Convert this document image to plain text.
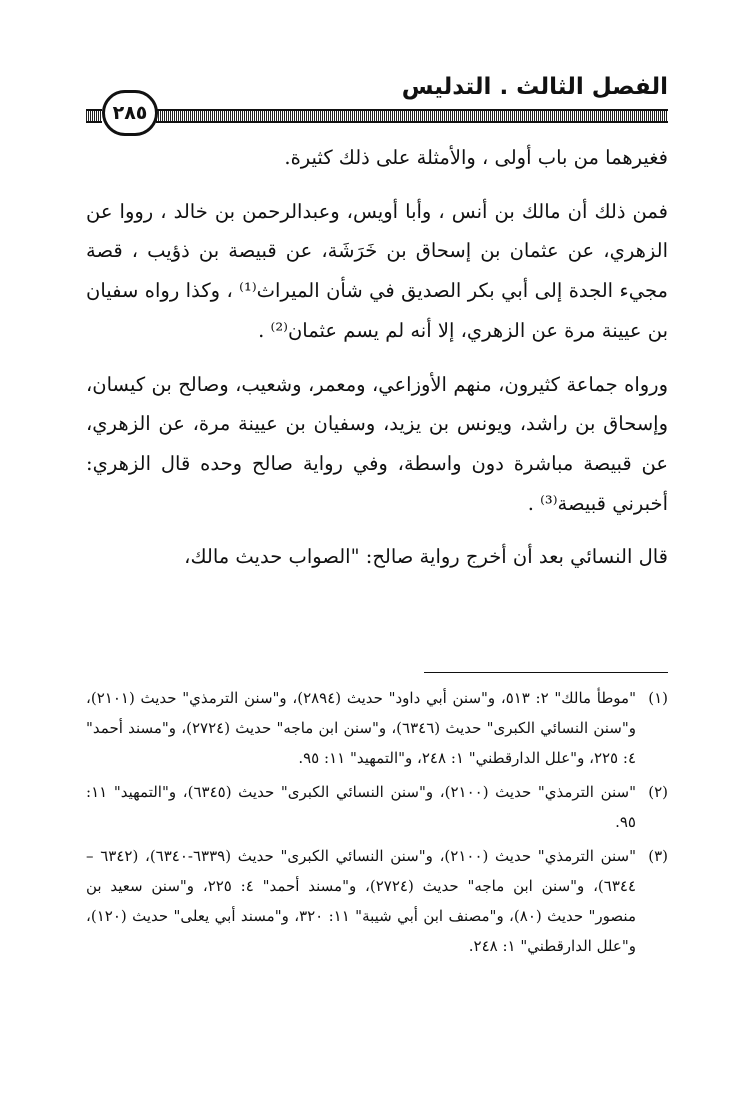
الفصل الثالث . التدليس
٢٨٥

فغيرهما من باب أولى ، والأمثلة على ذلك كثيرة.

فمن ذلك أن مالك بن أنس ، وأبا أويس، وعبدالرحمن بن خالد ، رووا عن الزهري، عن عثمان بن إسحاق بن خَرَشَة، عن قبيصة بن ذؤيب ، قصة مجيء الجدة إلى أبي بكر الصديق في شأن الميراث⁽¹⁾ ، وكذا رواه سفيان بن عيينة مرة عن الزهري، إلا أنه لم يسم عثمان⁽²⁾ .

ورواه جماعة كثيرون، منهم الأوزاعي، ومعمر، وشعيب، وصالح بن كيسان، وإسحاق بن راشد، ويونس بن يزيد، وسفيان بن عيينة مرة، عن الزهري، عن قبيصة مباشرة دون واسطة، وفي رواية صالح وحده قال الزهري: أخبرني قبيصة⁽³⁾ .

قال النسائي بعد أن أخرج رواية صالح: "الصواب حديث مالك،

(١)
"موطأ مالك" ٢: ٥١٣، و"سنن أبي داود" حديث (٢٨٩٤)، و"سنن الترمذي" حديث (٢١٠١)، و"سنن النسائي الكبرى" حديث (٦٣٤٦)، و"سنن ابن ماجه" حديث (٢٧٢٤)، و"مسند أحمد" ٤: ٢٢٥، و"علل الدارقطني" ١: ٢٤٨، و"التمهيد" ١١: ٩٥.
(٢)
"سنن الترمذي" حديث (٢١٠٠)، و"سنن النسائي الكبرى" حديث (٦٣٤٥)، و"التمهيد" ١١: ٩٥.
(٣)
"سنن الترمذي" حديث (٢١٠٠)، و"سنن النسائي الكبرى" حديث (٦٣٣٩-٦٣٤٠)، (٦٣٤٢ – ٦٣٤٤)، و"سنن ابن ماجه" حديث (٢٧٢٤)، و"مسند أحمد" ٤: ٢٢٥، و"سنن سعيد بن منصور" حديث (٨٠)، و"مصنف ابن أبي شيبة" ١١: ٣٢٠، و"مسند أبي يعلى" حديث (١٢٠)، و"علل الدارقطني" ١: ٢٤٨.
